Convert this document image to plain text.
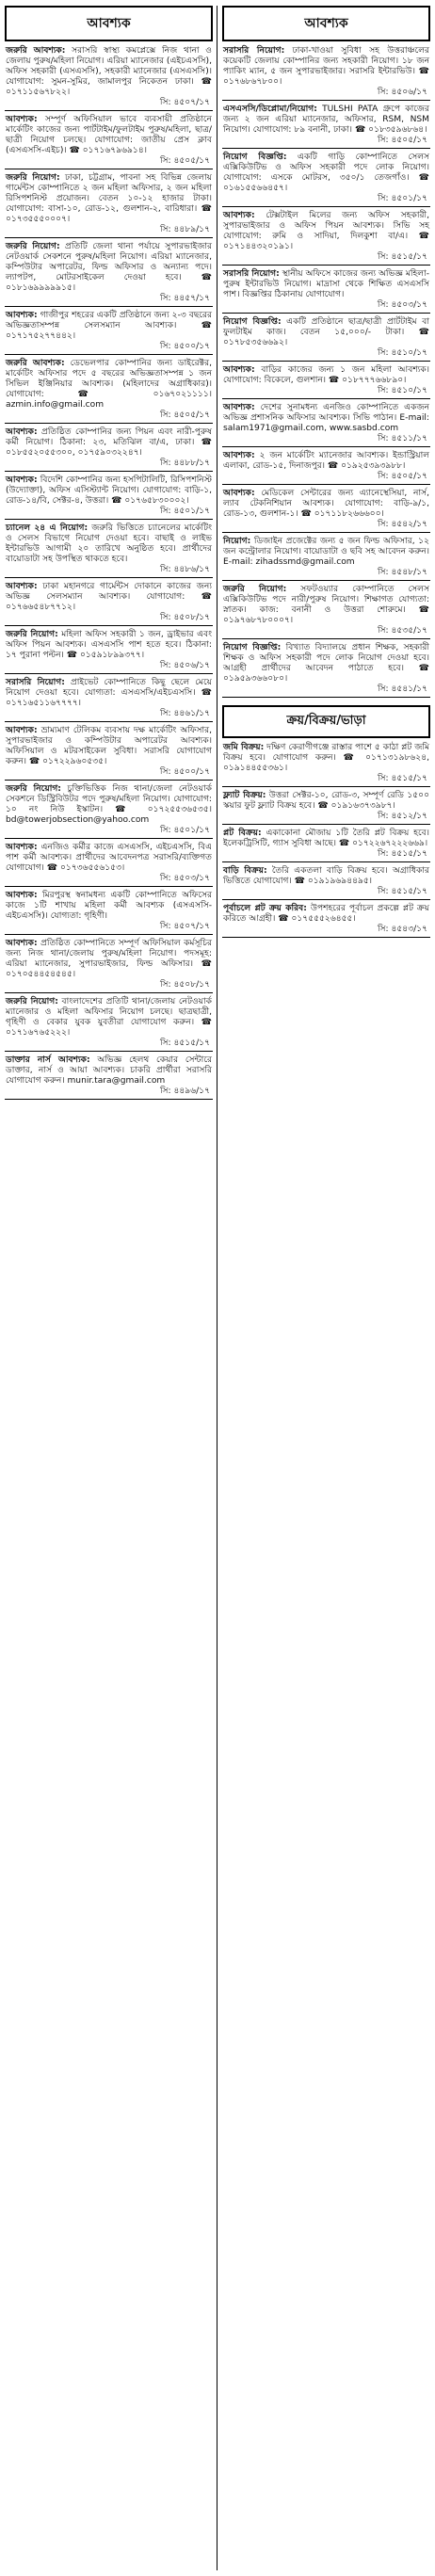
আবশ্যক
জরুরি আবশ্যক: সরাসরি স্বাস্থ্য কমপ্লেক্সে নিজ থানা ও জেলায় পুরুষ/মহিলা নিয়োগ। এরিয়া ম্যানেজার (এইচএসসি), অফিস সহকারী (এসএসসি), সহকারী ম্যানেজার (এসএসসি)। যোগাযোগ: সুমন-সুমির, জামালপুর নিকেতন ঢাকা। ☎ ০১৭১১৫৬৭৮২২।
সি: ৪৫০৭/১৭
আবশ্যক: সম্পূর্ণ অফিসিয়াল ভাবে ব্যবসায়ী প্রতিষ্ঠানে মার্কেটিং কাজের জন্য পার্টটাইম/ফুলটাইম পুরুষ/মহিলা, ছাত্র/ছাত্রী নিয়োগ চলছে। যোগাযোগ: জাতীয় প্রেস ক্লাব (এসএসসি-এইচ)। ☎ ০১৭১৬৭৯৬৯১৪।
সি: ৪৫০৫/১৭
জরুরি নিয়োগ: ঢাকা, চট্টগ্রাম, পাবনা সহ বিভিন্ন জেলায় গার্মেন্টস কোম্পানিতে ২ জন মহিলা অফিসার, ২ জন মহিলা রিসিপশনিস্ট প্রয়োজন। বেতন ১০-১২ হাজার টাকা। যোগাযোগ: বাসা-১০, রোড-১২, গুলশান-২, বারিধারা। ☎ ০১৭৩৫৫৫০০০৭।
সি: ৪৪৮৯/১৭
জরুরি নিয়োগ: প্রতিটি জেলা থানা পর্যায়ে সুপারভাইজার নেটওয়ার্ক সেকশনে পুরুষ/মহিলা নিয়োগ। এরিয়া ম্যানেজার, কম্পিউটার অপারেটর, ফিল্ড অফিসার ও অন্যান্য পদে। ল্যাপটপ, মোটরসাইকেল দেওয়া হবে। ☎ ০১৮১৬৯৯৯৯৯১৫।
সি: ৪৪৫৭/১৭
আবশ্যক: গাজীপুর শহরের একটি প্রতিষ্ঠানে জন্য ২-৩ বছরের অভিজ্ঞতাসম্পন্ন সেলসম্যান আবশ্যক। ☎ ০১৭১৭৫২৭৭৪৪২।
সি: ৪৫০০/১৭
জরুরি আবশ্যক: ডেভেলপার কোম্পানির জন্য ডাইরেক্টর, মার্কেটিং অফিসার পদে ৫ বছরের অভিজ্ঞতাসম্পন্ন ১ জন সিভিল ইঞ্জিনিয়ার আবশ্যক। (মহিলাদের অগ্রাধিকার)। যোগাযোগ: ☎ ০১৬৭০২১১১১। azmin.info@gmail.com
সি: ৪৫০৫/১৭
আবশ্যক: প্রতিষ্ঠিত কোম্পানির জন্য পিয়ন এবং নারী-পুরুষ কর্মী নিয়োগ। ঠিকানা: ২৩, মতিঝিল বা/এ, ঢাকা। ☎ ০১৮৫৫২০৫৫৩০০, ০১৭৫৯০৩২২৪৭।
সি: ৪৪৮৮/১৭
আবশ্যক: বিদেশি কোম্পানির জন্য হসপিটালিটি, রিসিপশনিস্ট (উদ্যোক্তা), অফিস এসিস্ট্যান্ট নিয়োগ। যোগাযোগ: বাড়ি-১, রোড-১৪/বি, সেক্টর-৪, উত্তরা। ☎ ০১৭৬৫৮৩০০০২।
সি: ৪৫০১/১৭
চ্যানেল ২৪ এ নিয়োগ: জরুরি ভিত্তিতে চ্যানেলের মার্কেটিং ও সেলস বিভাগে নিয়োগ দেওয়া হবে। বাছাই ও লাইভ ইন্টারভিউ আগামী ২০ তারিখে অনুষ্ঠিত হবে। প্রার্থীদের বায়োডাটা সহ উপস্থিত থাকতে হবে।
সি: ৪৪৮৬/১৭
আবশ্যক: ঢাকা মহানগরে গার্মেন্টস দোকানে কাজের জন্য অভিজ্ঞ সেলসম্যান আবশ্যক। যোগাযোগ: ☎ ০১৭৬৬৫৪৮৭৭১২।
সি: ৪৫০৮/১৭
জরুরি নিয়োগ: মহিলা অফিস সহকারী ১ জন, ড্রাইভার এবং অফিস পিয়ন আবশ্যক। এসএসসি পাশ হতে হবে। ঠিকানা: ১৭ পুরানা পল্টন। ☎ ০১৫৯১৮৯৯৩৭৭।
সি: ৪৫০৬/১৭
সরাসরি নিয়োগ: প্রাইভেট কোম্পানিতে কিছু ছেলে মেয়ে নিয়োগ দেওয়া হবে। যোগ্যতা: এসএসসি/এইচএসসি। ☎ ০১৭১৬৫১১৬৭৭৭৭।
সি: ৪৪৬১/১৭
আবশ্যক: ভ্রাম্যমাণ টেলিকম ব্যবসায় দক্ষ মার্কেটিং অফিসার, সুপারভাইজার ও কম্পিউটার অপারেটর আবশ্যক। অফিসিয়াল ও মটরসাইকেল সুবিধা। সরাসরি যোগাযোগ করুন। ☎ ০১৭২২৯৬০৫৩৫।
সি: ৪৫০০/১৭
জরুরি নিয়োগ: চুক্তিভিত্তিক নিজ থানা/জেলা নেটওয়ার্ক সেকশনে ডিস্ট্রিবিউটর পদে পুরুষ/মহিলা নিয়োগ। যোগাযোগ: ১০ নং নিউ ইস্কাটন। ☎ ০১৭২৫৫৩৬৫৩৫। bd@towerjobsection@yahoo.com
সি: ৪৫০১/১৭
আবশ্যক: এনজিও কর্মীর কাজে এসএসসি, এইচএসসি, বিএ পাশ কর্মী আবশ্যক। প্রার্থীদের আবেদনপত্র সরাসরি/ব্যক্তিগত যোগাযোগ। ☎ ০১৭৩৬৫৫৬১৫৩।
সি: ৪৫০৩/১৭
আবশ্যক: মিরপুরস্থ স্বনামধন্য একটি কোম্পানিতে অফিসের কাজে ১টি শাখায় মহিলা কর্মী আবশ্যক (এসএসসি-এইচএসসি)। যোগ্যতা: গৃহিণী।
সি: ৪৫০৭/১৭
আবশ্যক: প্রতিষ্ঠিত কোম্পানিতে সম্পূর্ণ অফিসিয়াল কর্মসূচির জন্য নিজ থানা/জেলায় পুরুষ/মহিলা নিয়োগ। পদসমূহ: এরিয়া ম্যানেজার, সুপারভাইজার, ফিল্ড অফিসার। ☎ ০১৭০৫৪৪৫৪৫৪৫।
সি: ৪৫০৮/১৭
জরুরি নিয়োগ: বাংলাদেশের প্রতিটি থানা/জেলায় নেটওয়ার্ক ম্যানেজার ও মহিলা অফিসার নিয়োগ চলছে। ছাত্রছাত্রী, গৃহিণী ও বেকার যুবক যুবতীরা যোগাযোগ করুন। ☎ ০১৭১৬৭৬৫২২২।
সি: ৪৫১৫/১৭
ডাক্তার নার্স আবশ্যক: অভিজ্ঞ হেলথ কেয়ার সেন্টারে ডাক্তার, নার্স ও আয়া আবশ্যক। চাকরি প্রার্থীরা সরাসরি যোগাযোগ করুন। munir.tara@gmail.com
সি: ৪৪৯৬/১৭
আবশ্যক
সরাসরি নিয়োগ: ঢাকা-খাওয়া সুবিধা সহ উত্তরাঞ্চলের কয়েকটি জেলায় কোম্পানির জন্য সহকারী নিয়োগ। ১৮ জন প্যাকিং ম্যান, ৫ জন সুপারভাইজার। সরাসরি ইন্টারভিউ। ☎ ০১৭৬৮৬৭৮০০।
সি: ৪৫০৬/১৭
এসএসসি/ডিপ্লোমা/নিয়োগ: TULSHI PATA গ্রুপে কাজের জন্য ২ জন এরিয়া ম্যানেজার, অফিসার, RSM, NSM নিয়োগ। যোগাযোগ: ৮৯ বনানী, ঢাকা। ☎ ০১৮৩৫৯৬৮৬৪।
সি: ৪৫০৫/১৭
নিয়োগ বিজ্ঞপ্তি: একটি গাড়ি কোম্পানিতে সেলস এক্সিকিউটিভ ও অফিস সহকারী পদে লোক নিয়োগ। যোগাযোগ: এসকে মোটরস, ৩৫০/১ তেজগাঁও। ☎ ০১৬১৫৫৬৬৪৫৭।
সি: ৪৫০১/১৭
আবশ্যক: টেক্সটাইল মিলের জন্য অফিস সহকারী, সুপারভাইজার ও অফিস পিয়ন আবশ্যক। সিভি সহ যোগাযোগ: রুমি ও সাদিয়া, দিলকুশা বা/এ। ☎ ০১৭১৪৪৩২০১৯১।
সি: ৪৫১৫/১৭
সরাসরি নিয়োগ: স্থানীয় অফিসে কাজের জন্য অভিজ্ঞ মহিলা-পুরুষ ইন্টারভিউ নিয়োগ। মাদ্রাসা থেকে শিক্ষিত এসএসসি পাশ। বিজ্ঞপ্তির ঠিকানায় যোগাযোগ।
সি: ৪৫০৩/১৭
নিয়োগ বিজ্ঞপ্তি: একটি প্রতিষ্ঠানে ছাত্র/ছাত্রী প্রার্টটাইম বা ফুলটাইম কাজ। বেতন ১৫,০০০/- টাকা। ☎ ০১৭৮৫৩৫৬৬৯২।
সি: ৪৫১০/১৭
আবশ্যক: বাড়ির কাজের জন্য ১ জন মহিলা আবশ্যক। যোগাযোগ: বিকেলে, গুলশান। ☎ ০১৮৭৭৭৬৬৮৯০।
সি: ৪৫১০/১৭
আবশ্যক: দেশের সুনামধন্য এনজিও কোম্পানিতে একজন অভিজ্ঞ প্রশাসনিক অফিসার আবশ্যক। সিভি পাঠান। E-mail: salam1971@gmail.com, www.sasbd.com
সি: ৪৫১১/১৭
আবশ্যক: ২ জন মার্কেটিং ম্যানেজার আবশ্যক। ইন্ডাস্ট্রিয়াল এলাকা, রোড-১৫, দিনাজপুর। ☎ ০১৯২৫৩৯৩৯৮৮।
সি: ৪৫০৫/১৭
আবশ্যক: মেডিকেল সেন্টারের জন্য এ্যানেস্থেসিয়া, নার্স, ল্যাব টেকনিশিয়ান আবশ্যক। যোগাযোগ: বাড়ি-৯/১, রোড-১৩, গুলশান-১। ☎ ০১৭১১৮২৬৬৬০০।
সি: ৪৫৪২/১৭
নিয়োগ: ডিজাইন প্রজেক্টের জন্য ৫ জন ফিল্ড অফিসার, ১২ জন কন্ট্রোলার নিয়োগ। বায়োডাটা ও ছবি সহ আবেদন করুন। E-mail: zihadssmd@gmail.com
সি: ৪৫৪৮/১৭
জরুরি নিয়োগ: সফটওয়্যার কোম্পানিতে সেলস এক্সিকিউটিভ পদে নারী/পুরুষ নিয়োগ। শিক্ষাগত যোগ্যতা: স্নাতক। কাজ: বনানী ও উত্তরা শোরুমে। ☎ ০১৯৭৬৮৭৮০০০৭।
সি: ৪৫৩৫/১৭
নিয়োগ বিজ্ঞপ্তি: বিখ্যাত বিদ্যালয়ে প্রধান শিক্ষক, সহকারী শিক্ষক ও অফিস সহকারী পদে লোক নিয়োগ দেওয়া হবে। আগ্রহী প্রার্থীদের আবেদন পাঠাতে হবে। ☎ ০১৯৫৯৩৬৬০৮০।
সি: ৪৫৪১/১৭
ক্রয়/বিক্রয়/ভাড়া
জমি বিক্রয়: দক্ষিণ কেরাণীগঞ্জে রাস্তার পাশে ৫ কাঠা প্লট জমি বিক্রয় হবে। যোগাযোগ করুন। ☎ ০১৭১৩১৯৮৬২৪, ০১৯১৪৪৫৫৩৬১।
সি: ৪৫১৫/১৭
ফ্ল্যাট বিক্রয়: উত্তরা সেক্টর-১০, রোড-৩, সম্পূর্ণ রেডি ১৫০০ স্কয়ার ফুট ফ্ল্যাট বিক্রয় হবে। ☎ ০১৯১৬৩৭৩৯৮৭।
সি: ৪৫১২/১৭
প্লট বিক্রয়: একাকোনা মৌজায় ১টি তৈরি প্লট বিক্রয় হবে। ইলেকট্রিসিটি, গ্যাস সুবিধা আছে। ☎ ০১৭২২৬৭২২২৬৬৯।
সি: ৪৫১৫/১৭
বাড়ি বিক্রয়: তৈরি একতলা বাড়ি বিক্রয় হবে। অগ্রাধিকার ভিত্তিতে যোগাযোগ। ☎ ০১৯১৯৬৯৪৪৯৫।
সি: ৪৫১৫/১৭
পূর্বাচলে প্লট ক্রয় করিব: উপশহরের পূর্বাচল প্রকল্পে প্লট ক্রয় করিতে আগ্রহী। ☎ ০১৭৫৫৫২৬৪৫৫।
সি: ৪৫৪৩/১৭
